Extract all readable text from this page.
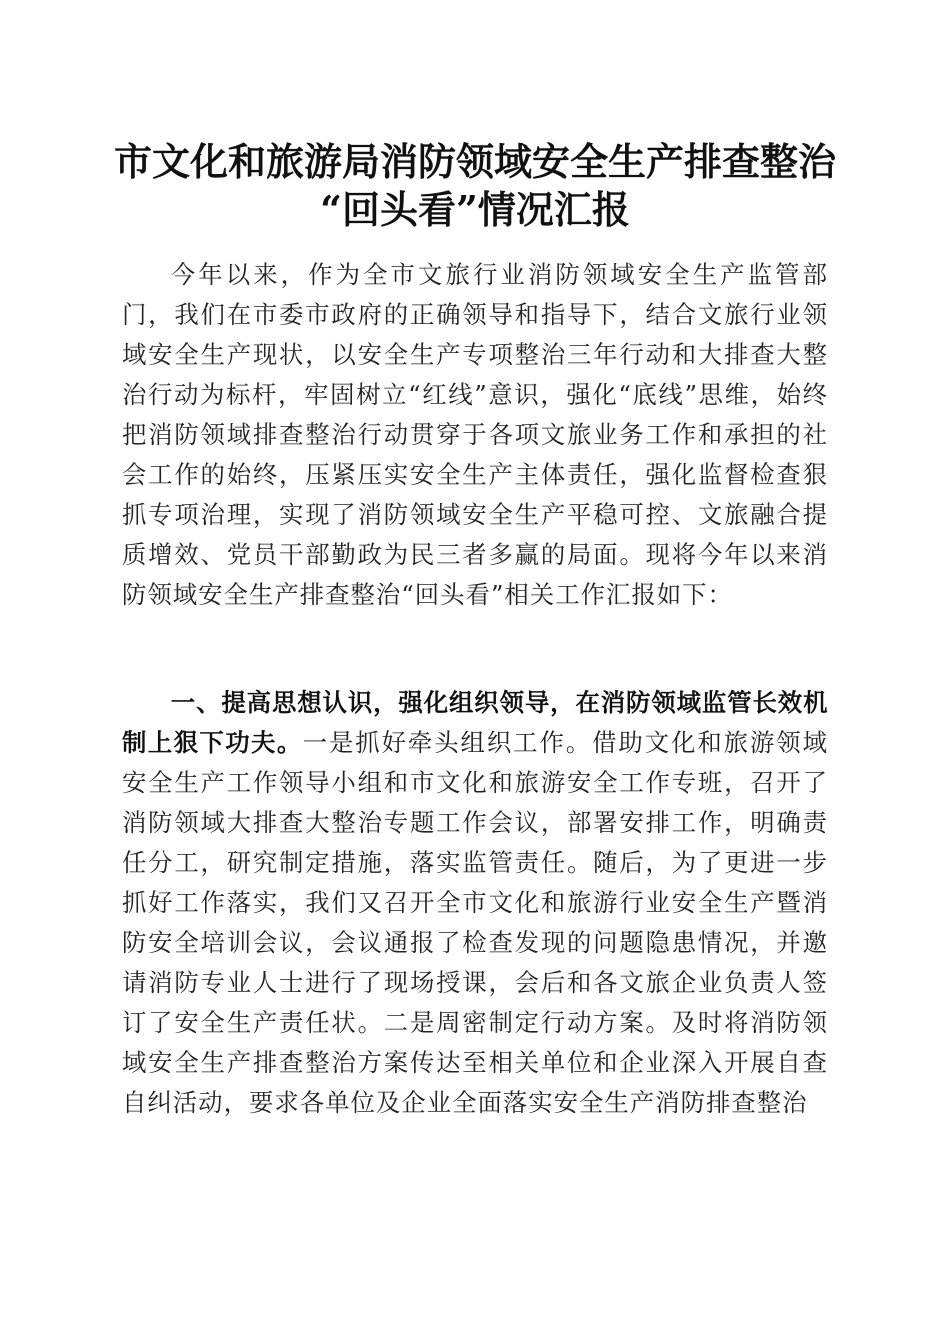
市文化和旅游局消防领域安全生产排查整治
“回头看”情况汇报

今年以来，作为全市文旅行业消防领域安全生产监管部门，我们在市委市政府的正确领导和指导下，结合文旅行业领域安全生产现状，以安全生产专项整治三年行动和大排查大整治行动为标杆，牢固树立“红线”意识，强化“底线”思维，始终把消防领域排查整治行动贯穿于各项文旅业务工作和承担的社会工作的始终，压紧压实安全生产主体责任，强化监督检查狠抓专项治理，实现了消防领域安全生产平稳可控、文旅融合提质增效、党员干部勤政为民三者多赢的局面。现将今年以来消防领域安全生产排查整治“回头看”相关工作汇报如下：

一、提高思想认识，强化组织领导，在消防领域监管长效机制上狠下功夫。一是抓好牵头组织工作。借助文化和旅游领域安全生产工作领导小组和市文化和旅游安全工作专班，召开了消防领域大排查大整治专题工作会议，部署安排工作，明确责任分工，研究制定措施，落实监管责任。随后，为了更进一步抓好工作落实，我们又召开全市文化和旅游行业安全生产暨消防安全培训会议，会议通报了检查发现的问题隐患情况，并邀请消防专业人士进行了现场授课，会后和各文旅企业负责人签订了安全生产责任状。二是周密制定行动方案。及时将消防领域安全生产排查整治方案传达至相关单位和企业深入开展自查自纠活动，要求各单位及企业全面落实安全生产消防排查整治
